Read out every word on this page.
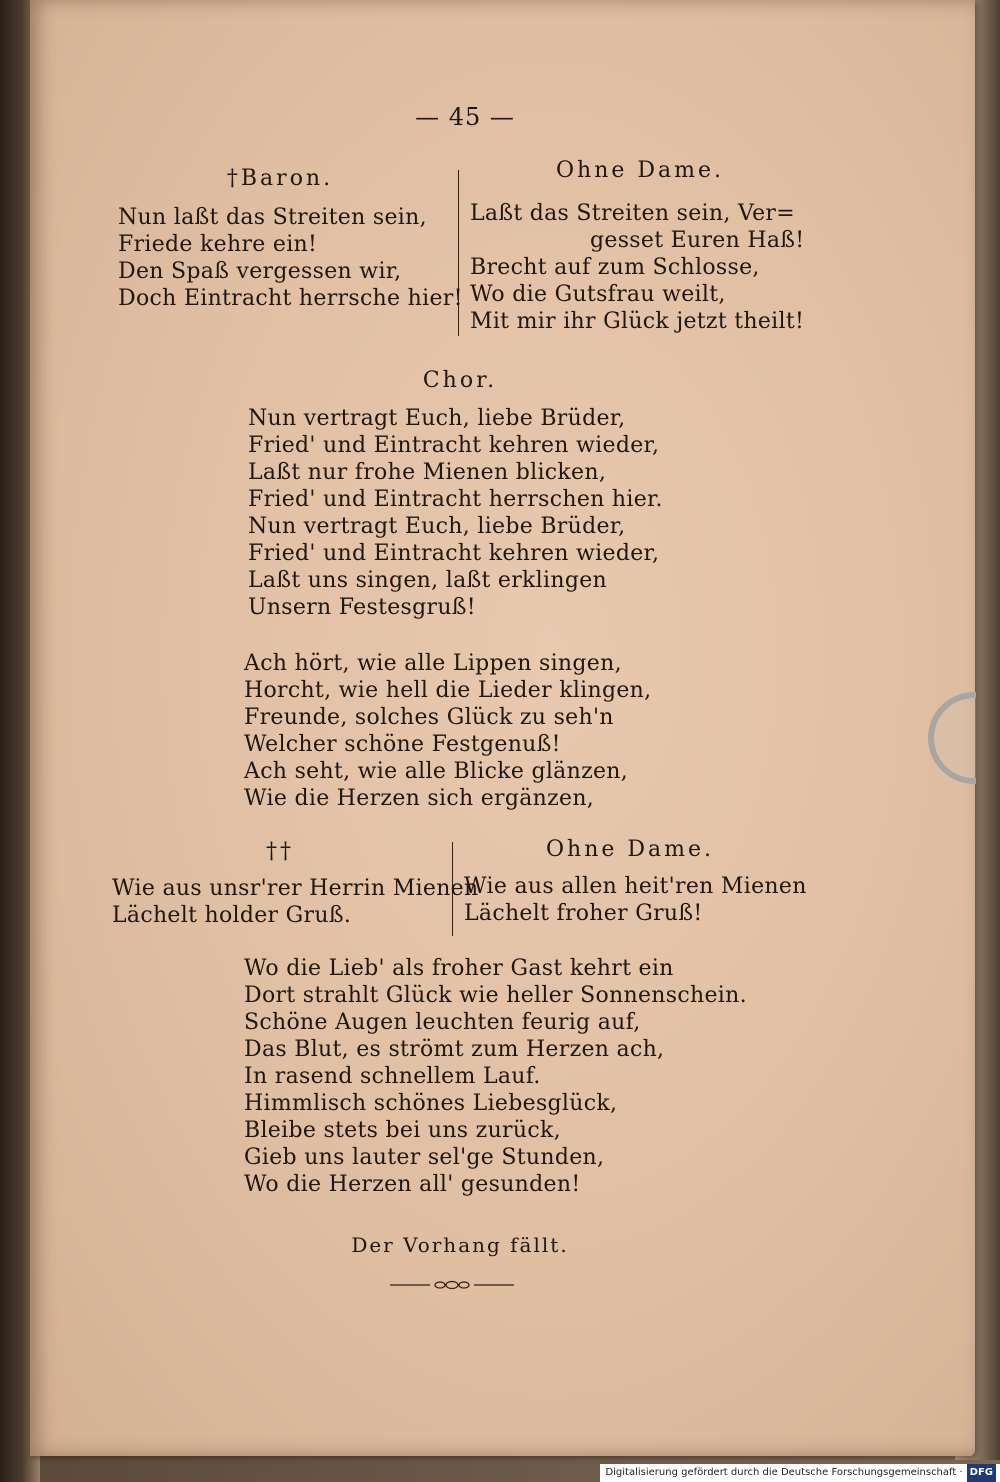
— 45 —
†Baron.	Ohne Dame.
Nun laßt das Streiten sein,
Friede kehre ein!
Den Spaß vergessen wir,
Doch Eintracht herrsche hier!
Laßt das Streiten sein, Ver=
gesset Euren Haß!
Brecht auf zum Schlosse,
Wo die Gutsfrau weilt,
Mit mir ihr Glück jetzt theilt!
Chor.
Nun vertragt Euch, liebe Brüder,
Fried' und Eintracht kehren wieder,
Laßt nur frohe Mienen blicken,
Fried' und Eintracht herrschen hier.
Nun vertragt Euch, liebe Brüder,
Fried' und Eintracht kehren wieder,
Laßt uns singen, laßt erklingen
Unsern Festesgruß!
Ach hört, wie alle Lippen singen,
Horcht, wie hell die Lieder klingen,
Freunde, solches Glück zu seh'n
Welcher schöne Festgenuß!
Ach seht, wie alle Blicke glänzen,
Wie die Herzen sich ergänzen,
††	Ohne Dame.
Wie aus unsr'rer Herrin Mienen
Lächelt holder Gruß.
Wie aus allen heit'ren Mienen
Lächelt froher Gruß!
Wo die Lieb' als froher Gast kehrt ein
Dort strahlt Glück wie heller Sonnenschein.
Schöne Augen leuchten feurig auf,
Das Blut, es strömt zum Herzen ach,
In rasend schnellem Lauf.
Himmlisch schönes Liebesglück,
Bleibe stets bei uns zurück,
Gieb uns lauter sel'ge Stunden,
Wo die Herzen all' gesunden!
Der Vorhang fällt.
Digitalisierung gefördert durch die Deutsche Forschungsgemeinschaft · DFG
